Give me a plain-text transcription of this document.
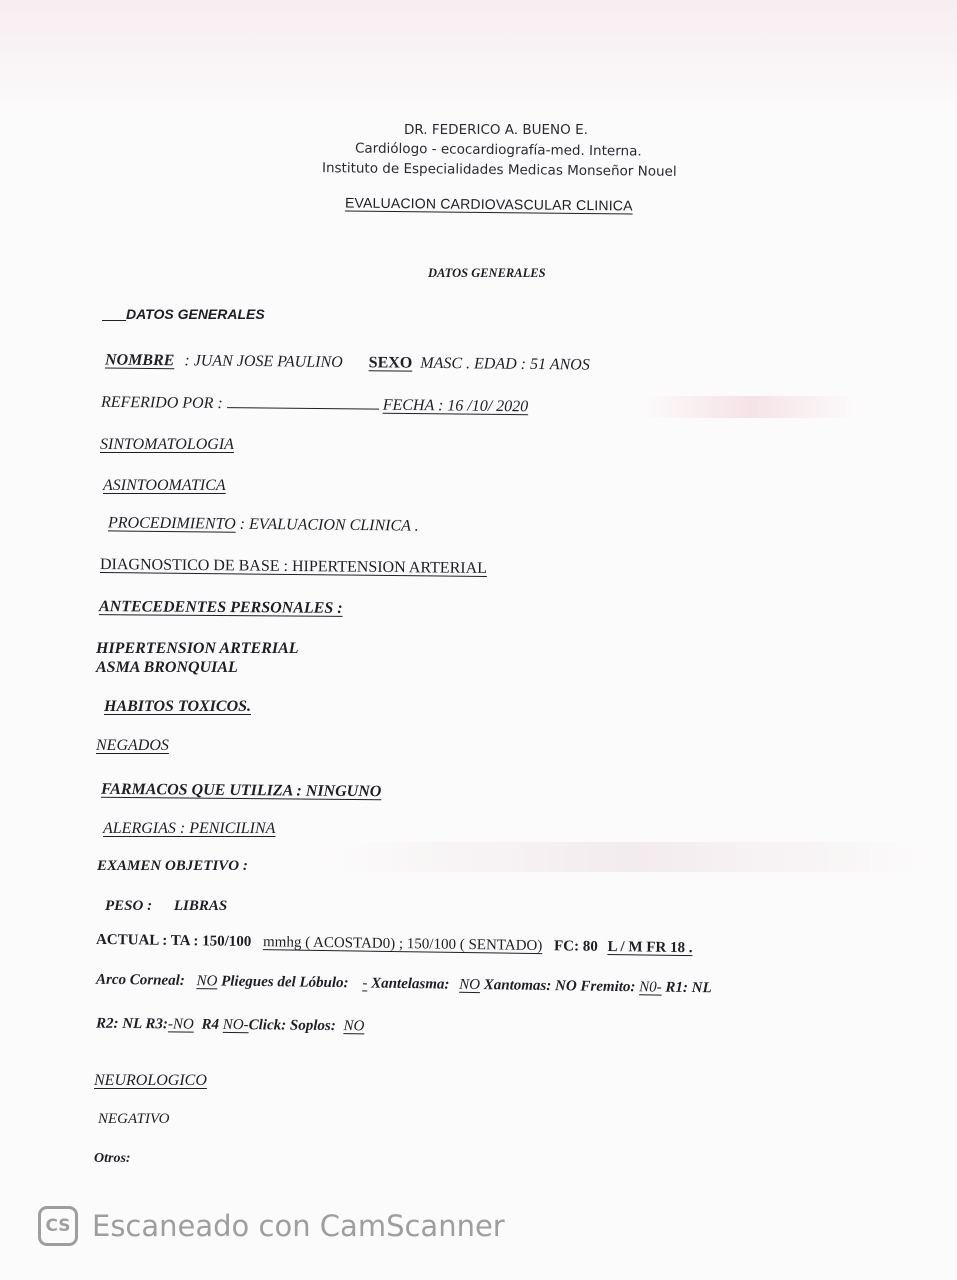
DR. FEDERICO A. BUENO E.
Cardiólogo - ecocardiografía-med. Interna.
Instituto de Especialidades Medicas Monseñor Nouel
EVALUACION CARDIOVASCULAR CLINICA
DATOS GENERALES
DATOS GENERALES
NOMBRE : JUAN JOSE PAULINO SEXO MASC . EDAD : 51 ANOS
REFERIDO POR :	FECHA : 16 /10/ 2020
SINTOMATOLOGIA
ASINTOOMATICA
PROCEDIMIENTO : EVALUACION CLINICA .
DIAGNOSTICO DE BASE : HIPERTENSION ARTERIAL
ANTECEDENTES PERSONALES :
HIPERTENSION ARTERIAL
ASMA BRONQUIAL
HABITOS TOXICOS.
NEGADOS
FARMACOS QUE UTILIZA : NINGUNO
ALERGIAS : PENICILINA
EXAMEN OBJETIVO :
PESO : LIBRAS
ACTUAL : TA : 150/100 mmhg ( ACOSTAD0) ; 150/100 ( SENTADO) FC: 80 L / M FR 18 .
Arco Corneal: NO Pliegues del Lóbulo: - Xantelasma: NO Xantomas: NO Fremito: N0- R1: NL
R2: NL R3:-NO R4 NO-Click: Soplos: NO
NEUROLOGICO
NEGATIVO
Otros:
CS Escaneado con CamScanner
